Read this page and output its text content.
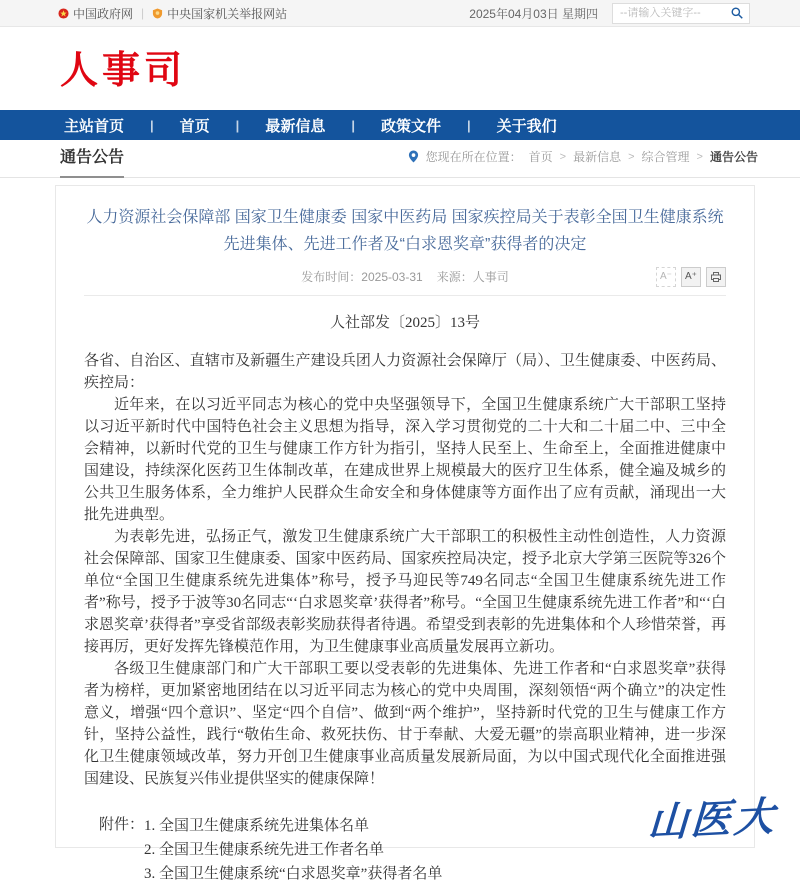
中国政府网 | 中央国家机关举报网站	2025年04月03日 星期四
--请输入关键字--
人事司
主站首页 | 首页 | 最新信息 | 政策文件 | 关于我们
通告公告	您现在所在位置： 首页 > 最新信息 > 综合管理 > 通告公告
人力资源社会保障部 国家卫生健康委 国家中医药局 国家疾控局关于表彰全国卫生健康系统先进集体、先进工作者及“白求恩奖章”获得者的决定
发布时间：2025-03-31 来源：人事司	A⁻	A⁺
人社部发〔2025〕13号

各省、自治区、直辖市及新疆生产建设兵团人力资源社会保障厅（局）、卫生健康委、中医药局、疾控局：

近年来，在以习近平同志为核心的党中央坚强领导下，全国卫生健康系统广大干部职工坚持以习近平新时代中国特色社会主义思想为指导，深入学习贯彻党的二十大和二十届二中、三中全会精神，以新时代党的卫生与健康工作方针为指引，坚持人民至上、生命至上，全面推进健康中国建设，持续深化医药卫生体制改革，在建成世界上规模最大的医疗卫生体系，健全遍及城乡的公共卫生服务体系，全力维护人民群众生命安全和身体健康等方面作出了应有贡献，涌现出一大批先进典型。

为表彰先进，弘扬正气，激发卫生健康系统广大干部职工的积极性主动性创造性，人力资源社会保障部、国家卫生健康委、国家中医药局、国家疾控局决定，授予北京大学第三医院等326个单位“全国卫生健康系统先进集体”称号，授予马迎民等749名同志“全国卫生健康系统先进工作者”称号，授予于波等30名同志“‘白求恩奖章’获得者”称号。“全国卫生健康系统先进工作者”和“‘白求恩奖章’获得者”享受省部级表彰奖励获得者待遇。希望受到表彰的先进集体和个人珍惜荣誉，再接再厉，更好发挥先锋模范作用，为卫生健康事业高质量发展再立新功。

各级卫生健康部门和广大干部职工要以受表彰的先进集体、先进工作者和“白求恩奖章”获得者为榜样，更加紧密地团结在以习近平同志为核心的党中央周围，深刻领悟“两个确立”的决定性意义，增强“四个意识”、坚定“四个自信”、做到“两个维护”，坚持新时代党的卫生与健康工作方针，坚持公益性，践行“敬佑生命、救死扶伤、甘于奉献、大爱无疆”的崇高职业精神，进一步深化卫生健康领域改革，努力开创卫生健康事业高质量发展新局面，为以中国式现代化全面推进强国建设、民族复兴伟业提供坚实的健康保障！

附件： 1. 全国卫生健康系统先进集体名单
2. 全国卫生健康系统先进工作者名单
3. 全国卫生健康系统“白求恩奖章”获得者名单
山医大
